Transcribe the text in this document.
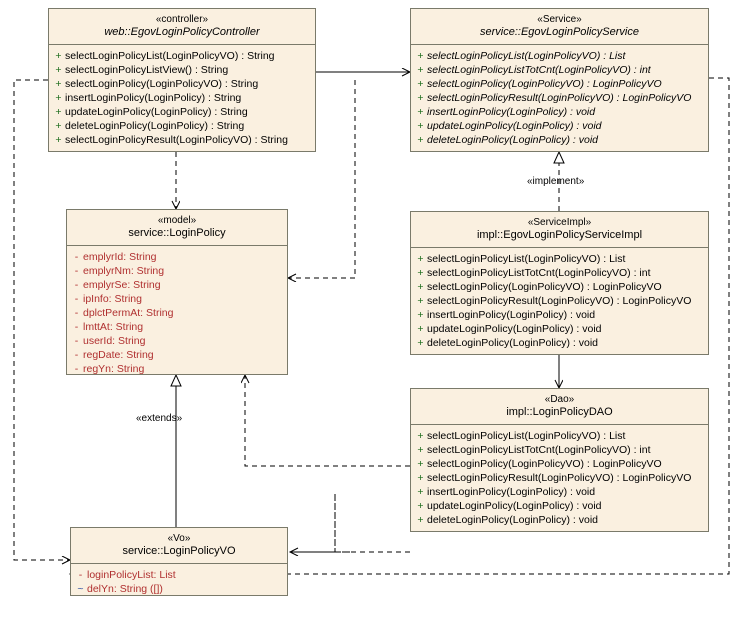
«controller»
web::EgovLoginPolicyController
+ selectLoginPolicyList(LoginPolicyVO) : String
+ selectLoginPolicyListView() : String
+ selectLoginPolicy(LoginPolicyVO) : String
+ insertLoginPolicy(LoginPolicy) : String
+ updateLoginPolicy(LoginPolicy) : String
+ deleteLoginPolicy(LoginPolicy) : String
+ selectLoginPolicyResult(LoginPolicyVO) : String
«Service»
service::EgovLoginPolicyService
+ selectLoginPolicyList(LoginPolicyVO) : List
+ selectLoginPolicyListTotCnt(LoginPolicyVO) : int
+ selectLoginPolicy(LoginPolicyVO) : LoginPolicyVO
+ selectLoginPolicyResult(LoginPolicyVO) : LoginPolicyVO
+ insertLoginPolicy(LoginPolicy) : void
+ updateLoginPolicy(LoginPolicy) : void
+ deleteLoginPolicy(LoginPolicy) : void
«model»
service::LoginPolicy
- emplyrId: String
- emplyrNm: String
- emplyrSe: String
- ipInfo: String
- dplctPermAt: String
- lmttAt: String
- userId: String
- regDate: String
- regYn: String
«ServiceImpl»
impl::EgovLoginPolicyServiceImpl
+ selectLoginPolicyList(LoginPolicyVO) : List
+ selectLoginPolicyListTotCnt(LoginPolicyVO) : int
+ selectLoginPolicy(LoginPolicyVO) : LoginPolicyVO
+ selectLoginPolicyResult(LoginPolicyVO) : LoginPolicyVO
+ insertLoginPolicy(LoginPolicy) : void
+ updateLoginPolicy(LoginPolicy) : void
+ deleteLoginPolicy(LoginPolicy) : void
«Dao»
impl::LoginPolicyDAO
+ selectLoginPolicyList(LoginPolicyVO) : List
+ selectLoginPolicyListTotCnt(LoginPolicyVO) : int
+ selectLoginPolicy(LoginPolicyVO) : LoginPolicyVO
+ selectLoginPolicyResult(LoginPolicyVO) : LoginPolicyVO
+ insertLoginPolicy(LoginPolicy) : void
+ updateLoginPolicy(LoginPolicy) : void
+ deleteLoginPolicy(LoginPolicy) : void
«Vo»
service::LoginPolicyVO
- loginPolicyList: List
~ delYn: String ([])
«implement»
«extends»
